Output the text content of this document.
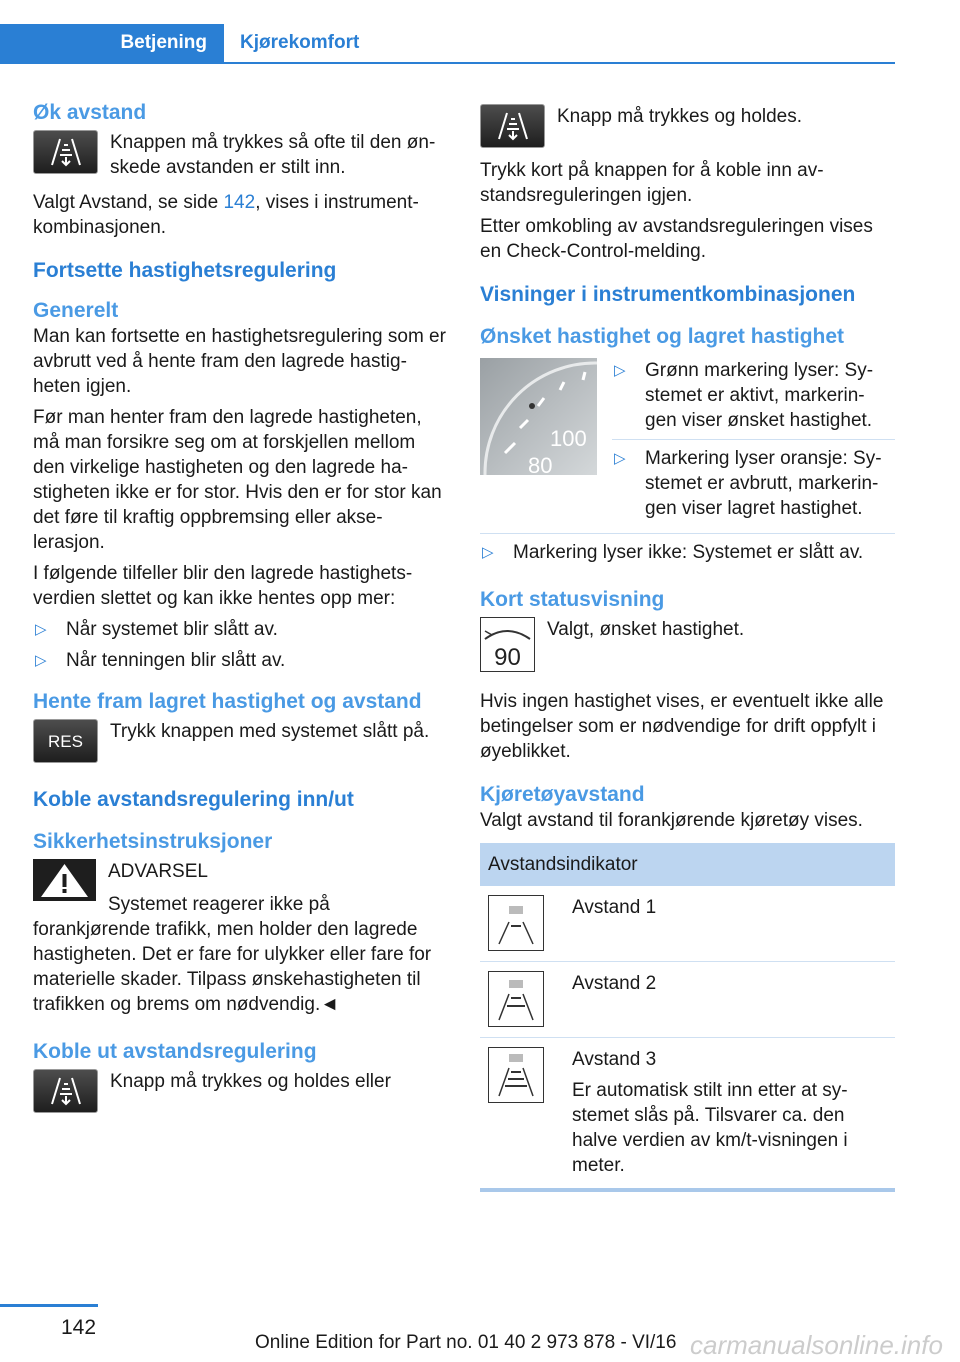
Betjening	Kjørekomfort
Øk avstand
Knappen må trykkes så ofte til den øn-skede avstanden er stilt inn.

Valgt Avstand, se side 142, vises i instrument-kombinasjonen.

Fortsette hastighetsregulering
Generelt

Man kan fortsette en hastighetsregulering som er avbrutt ved å hente fram den lagrede hastig-heten igjen.

Før man henter fram den lagrede hastigheten, må man forsikre seg om at forskjellen mellom den virkelige hastigheten og den lagrede ha-stigheten ikke er for stor. Hvis den er for stor kan det føre til kraftig oppbremsing eller akse-lerasjon.

I følgende tilfeller blir den lagrede hastighets-verdien slettet og kan ikke hentes opp mer:

▷ Når systemet blir slått av.
▷ Når tenningen blir slått av.
Hente fram lagret hastighet og avstand
RES	Trykk knappen med systemet slått på.
Koble avstandsregulering inn/ut
Sikkerhetsinstruksjoner
ADVARSEL

Systemet reagerer ikke på forankjørende trafikk, men holder den lagrede hastigheten. Det er fare for ulykker eller fare for materielle skader. Tilpass ønskehastigheten til trafikken og brems om nødvendig.◄

Koble ut avstandsregulering
Knapp må trykkes og holdes eller
Knapp må trykkes og holdes.

Trykk kort på knappen for å koble inn av-standsreguleringen igjen.

Etter omkobling av avstandsreguleringen vises en Check-Control-melding.

Visninger i instrumentkombinasjonen
Ønsket hastighet og lagret hastighet
100
80
▷ Grønn markering lyser: Sy-stemet er aktivt, markerin-gen viser ønsket hastighet.
▷ Markering lyser oransje: Sy-stemet er avbrutt, markerin-gen viser lagret hastighet.
▷ Markering lyser ikke: Systemet er slått av.
Kort statusvisning
90
Valgt, ønsket hastighet.

Hvis ingen hastighet vises, er eventuelt ikke alle betingelser som er nødvendige for drift oppfylt i øyeblikket.

Kjøretøyavstand

Valgt avstand til forankjørende kjøretøy vises.

Avstandsindikator
Avstand 1
Avstand 2
Avstand 3
Er automatisk stilt inn etter at sy-stemet slås på. Tilsvarer ca. den halve verdien av km/t-visningen i meter.
142
Online Edition for Part no. 01 40 2 973 878 - VI/16 carmanualsonline.info
